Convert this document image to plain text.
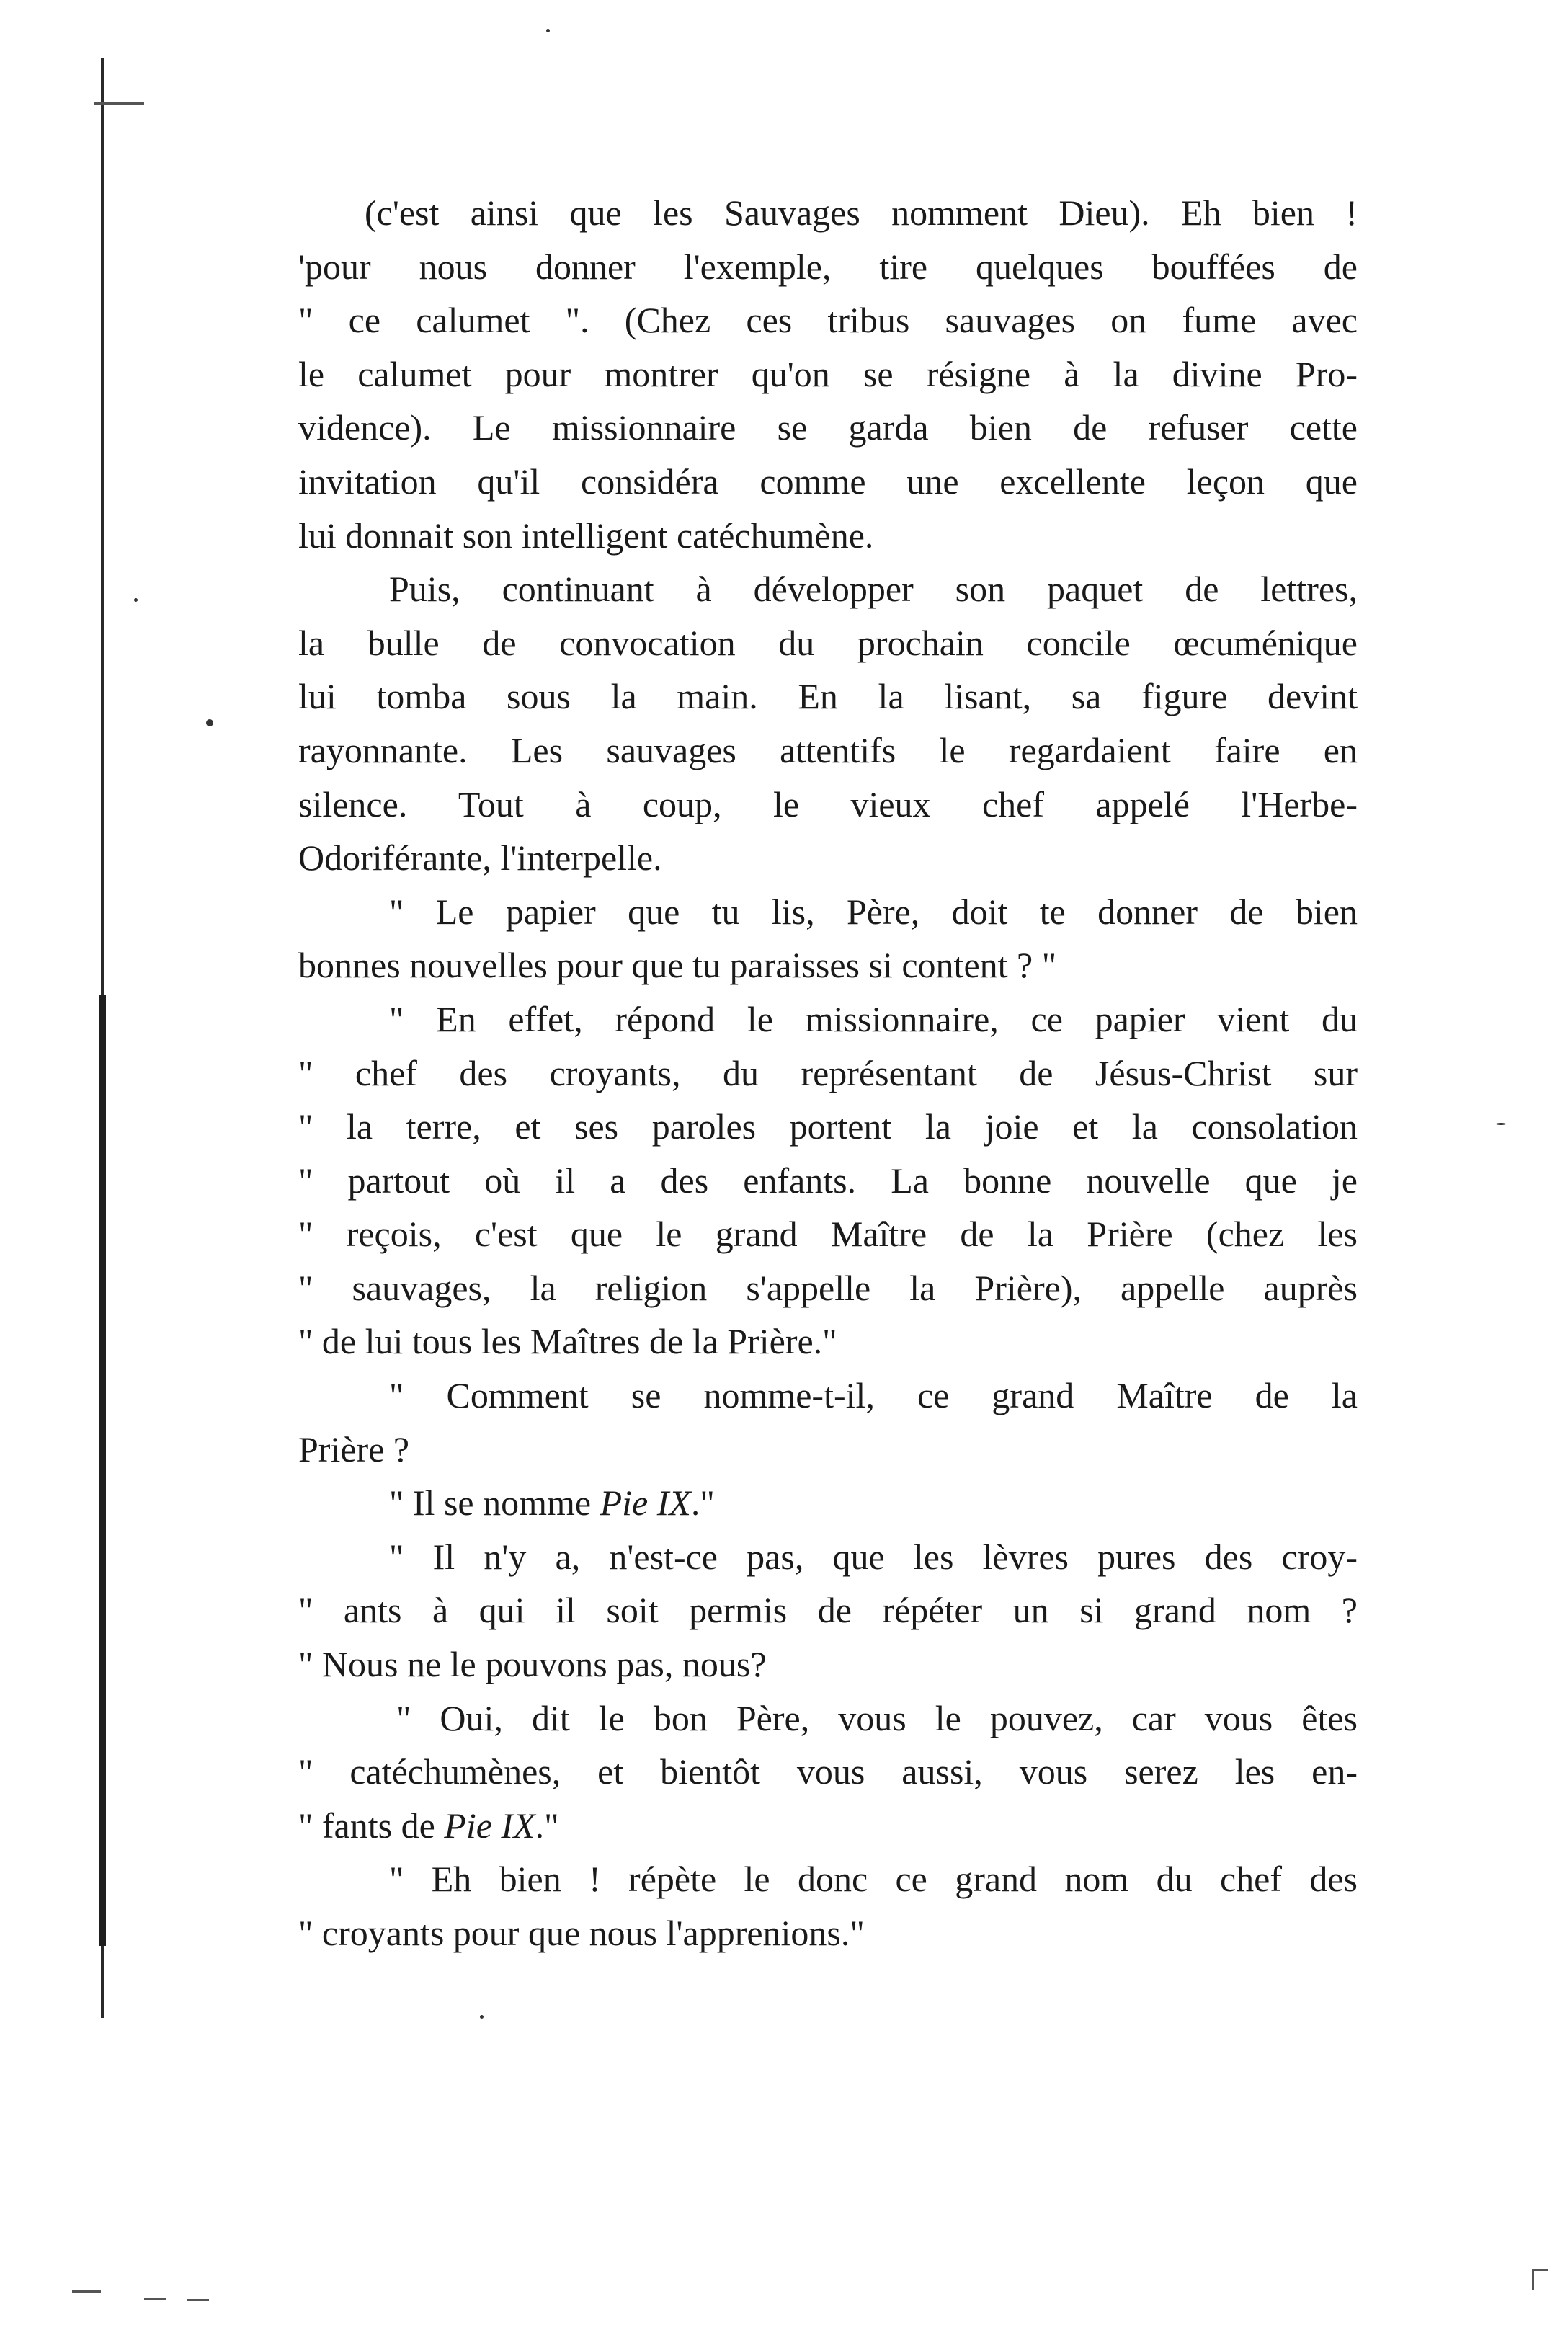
(c'est ainsi que les Sauvages nomment Dieu). Eh bien !
'pour nous donner l'exemple, tire quelques bouffées de
" ce calumet ". (Chez ces tribus sauvages on fume avec
le calumet pour montrer qu'on se résigne à la divine Pro-
vidence). Le missionnaire se garda bien de refuser cette
invitation qu'il considéra comme une excellente leçon que
lui donnait son intelligent catéchumène.
Puis, continuant à développer son paquet de lettres,
la bulle de convocation du prochain concile œcuménique
lui tomba sous la main. En la lisant, sa figure devint
rayonnante. Les sauvages attentifs le regardaient faire en
silence. Tout à coup, le vieux chef appelé l'Herbe-
Odoriférante, l'interpelle.
" Le papier que tu lis, Père, doit te donner de bien
bonnes nouvelles pour que tu paraisses si content ? "
" En effet, répond le missionnaire, ce papier vient du
" chef des croyants, du représentant de Jésus-Christ sur
" la terre, et ses paroles portent la joie et la consolation
" partout où il a des enfants. La bonne nouvelle que je
" reçois, c'est que le grand Maître de la Prière (chez les
" sauvages, la religion s'appelle la Prière), appelle auprès
" de lui tous les Maîtres de la Prière."
" Comment se nomme-t-il, ce grand Maître de la
Prière ?
" Il se nomme Pie IX."
" Il n'y a, n'est-ce pas, que les lèvres pures des croy-
" ants à qui il soit permis de répéter un si grand nom ?
" Nous ne le pouvons pas, nous?
" Oui, dit le bon Père, vous le pouvez, car vous êtes
" catéchumènes, et bientôt vous aussi, vous serez les en-
" fants de Pie IX."
" Eh bien ! répète le donc ce grand nom du chef des
" croyants pour que nous l'apprenions."
